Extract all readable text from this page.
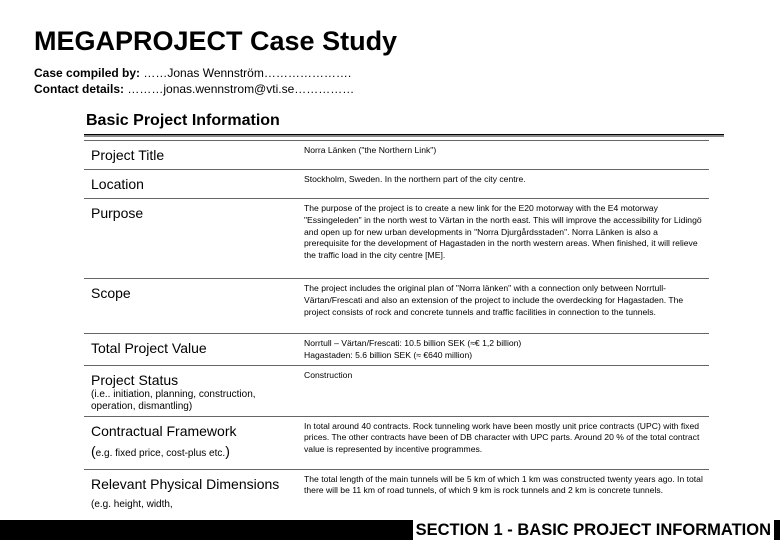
MEGAPROJECT Case Study
Case compiled by: ……Jonas Wennström………………….
Contact details: ………jonas.wennstrom@vti.se……………
Basic Project Information
Project Title	Norra Länken ("the Northern Link")
Location	Stockholm, Sweden. In the northern part of the city centre.
Purpose	The purpose of the project is to create a new link for the E20 motorway with the E4 motorway "Essingeleden" in the north west to Värtan in the north east. This will improve the accessibility for Lidingö and open up for new urban developments in "Norra Djurgårdsstaden". Norra Länken is also a prerequisite for the development of Hagastaden in the north western areas. When finished, it will relieve the traffic load in the city centre [ME].
Scope	The project includes the original plan of "Norra länken" with a connection only between Norrtull-Värtan/Frescati and also an extension of the project to include the overdecking for Hagastaden. The project consists of rock and concrete tunnels and traffic facilities in connection to the tunnels.
Total Project Value	Norrtull – Värtan/Frescati: 10.5 billion SEK (≈€ 1,2 billion)
Hagastaden: 5.6 billion SEK (≈ €640 million)

Project Status
(i.e.. initiation, planning, construction, operation, dismantling)	Construction

Contractual Framework
(e.g. fixed price, cost-plus etc.)	In total around 40 contracts. Rock tunneling work have been mostly unit price contracts (UPC) with fixed prices. The other contracts have been of DB character with UPC parts. Around 20 % of the total contract value is represented by incentive programmes.

Relevant Physical Dimensions (e.g. height, width,	The total length of the main tunnels will be 5 km of which 1 km was constructed twenty years ago. In total there will be 11 km of road tunnels, of which 9 km is rock tunnels and 2 km is concrete tunnels.
SECTION 1 - BASIC PROJECT INFORMATION
